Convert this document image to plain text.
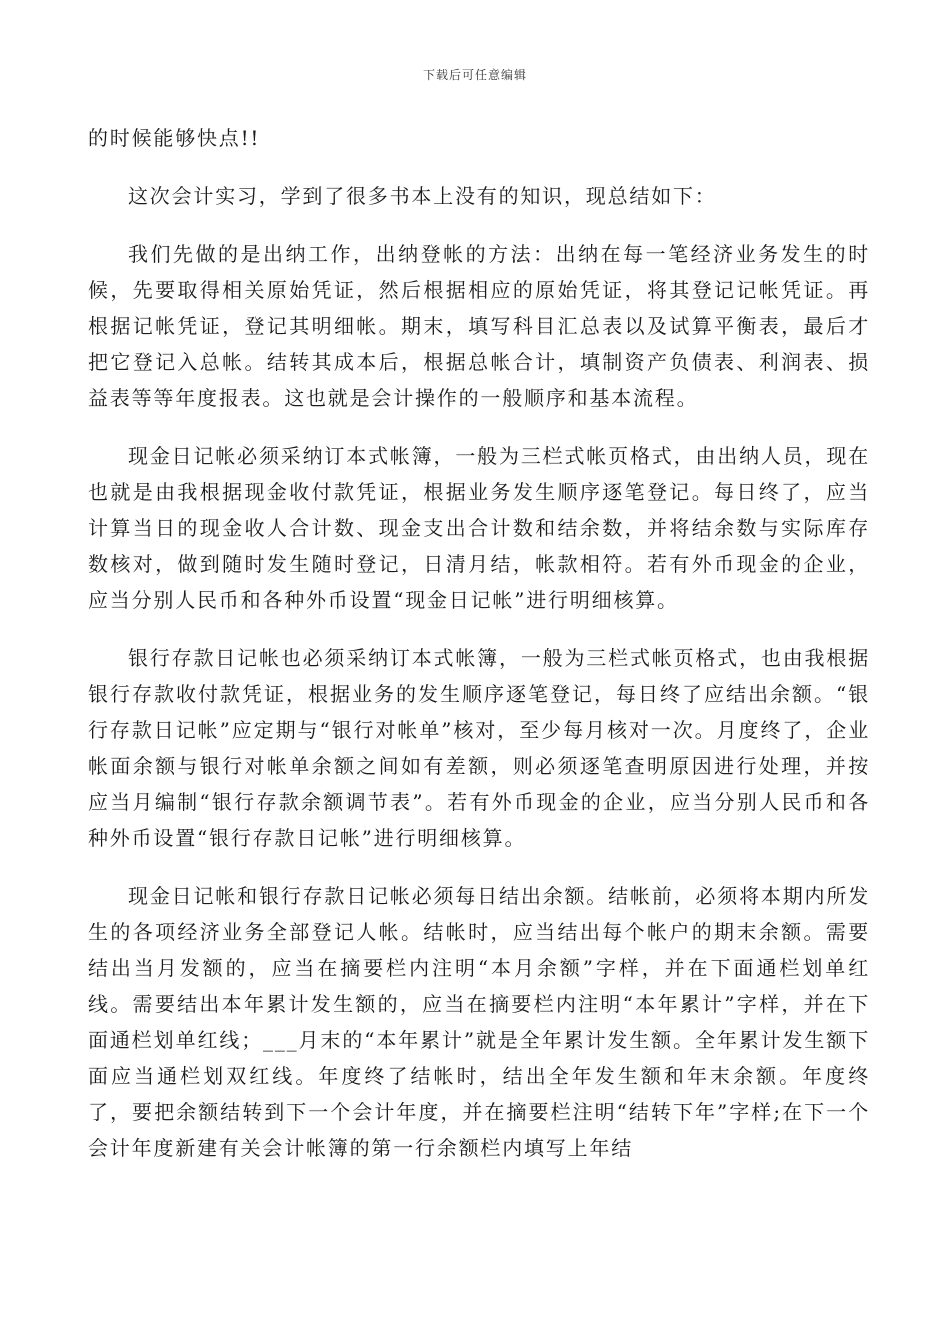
下载后可任意编辑

的时候能够快点!!

这次会计实习，学到了很多书本上没有的知识，现总结如下：

我们先做的是出纳工作，出纳登帐的方法：出纳在每一笔经济业务发生的时候，先要取得相关原始凭证，然后根据相应的原始凭证，将其登记记帐凭证。再根据记帐凭证，登记其明细帐。期末，填写科目汇总表以及试算平衡表，最后才把它登记入总帐。结转其成本后，根据总帐合计，填制资产负债表、利润表、损益表等等年度报表。这也就是会计操作的一般顺序和基本流程。

现金日记帐必须采纳订本式帐簿，一般为三栏式帐页格式，由出纳人员，现在也就是由我根据现金收付款凭证，根据业务发生顺序逐笔登记。每日终了，应当计算当日的现金收人合计数、现金支出合计数和结余数，并将结余数与实际库存数核对，做到随时发生随时登记，日清月结，帐款相符。若有外币现金的企业，应当分别人民币和各种外币设置“现金日记帐”进行明细核算。

银行存款日记帐也必须采纳订本式帐簿，一般为三栏式帐页格式，也由我根据银行存款收付款凭证，根据业务的发生顺序逐笔登记，每日终了应结出余额。“银行存款日记帐”应定期与“银行对帐单”核对，至少每月核对一次。月度终了，企业帐面余额与银行对帐单余额之间如有差额，则必须逐笔查明原因进行处理，并按应当月编制“银行存款余额调节表”。若有外币现金的企业，应当分别人民币和各种外币设置“银行存款日记帐”进行明细核算。

现金日记帐和银行存款日记帐必须每日结出余额。结帐前，必须将本期内所发生的各项经济业务全部登记人帐。结帐时，应当结出每个帐户的期末余额。需要结出当月发额的，应当在摘要栏内注明“本月余额”字样，并在下面通栏划单红线。需要结出本年累计发生额的，应当在摘要栏内注明“本年累计”字样，并在下面通栏划单红线；___月末的“本年累计”就是全年累计发生额。全年累计发生额下面应当通栏划双红线。年度终了结帐时，结出全年发生额和年末余额。年度终了，要把余额结转到下一个会计年度，并在摘要栏注明“结转下年”字样;在下一个会计年度新建有关会计帐簿的第一行余额栏内填写上年结
